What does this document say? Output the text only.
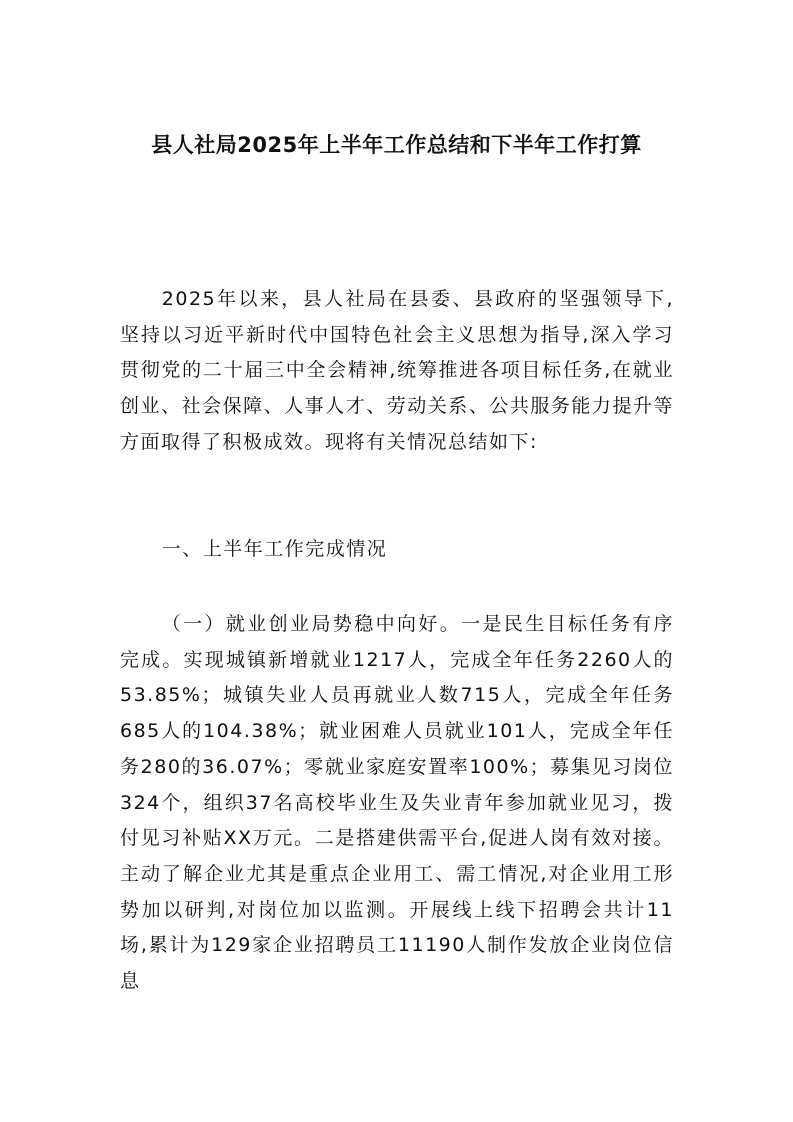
县人社局2025年上半年工作总结和下半年工作打算

2025年以来，县人社局在县委、县政府的坚强领导下,坚持以习近平新时代中国特色社会主义思想为指导,深入学习贯彻党的二十届三中全会精神,统筹推进各项目标任务,在就业创业、社会保障、人事人才、劳动关系、公共服务能力提升等方面取得了积极成效。现将有关情况总结如下:

一、上半年工作完成情况

（一）就业创业局势稳中向好。一是民生目标任务有序完成。实现城镇新增就业1217人，完成全年任务2260人的53.85%；城镇失业人员再就业人数715人，完成全年任务685人的104.38%；就业困难人员就业101人，完成全年任务280的36.07%；零就业家庭安置率100%；募集见习岗位324个，组织37名高校毕业生及失业青年参加就业见习，拨付见习补贴XX万元。二是搭建供需平台,促进人岗有效对接。主动了解企业尤其是重点企业用工、需工情况,对企业用工形势加以研判,对岗位加以监测。开展线上线下招聘会共计11场,累计为129家企业招聘员工11190人制作发放企业岗位信息
